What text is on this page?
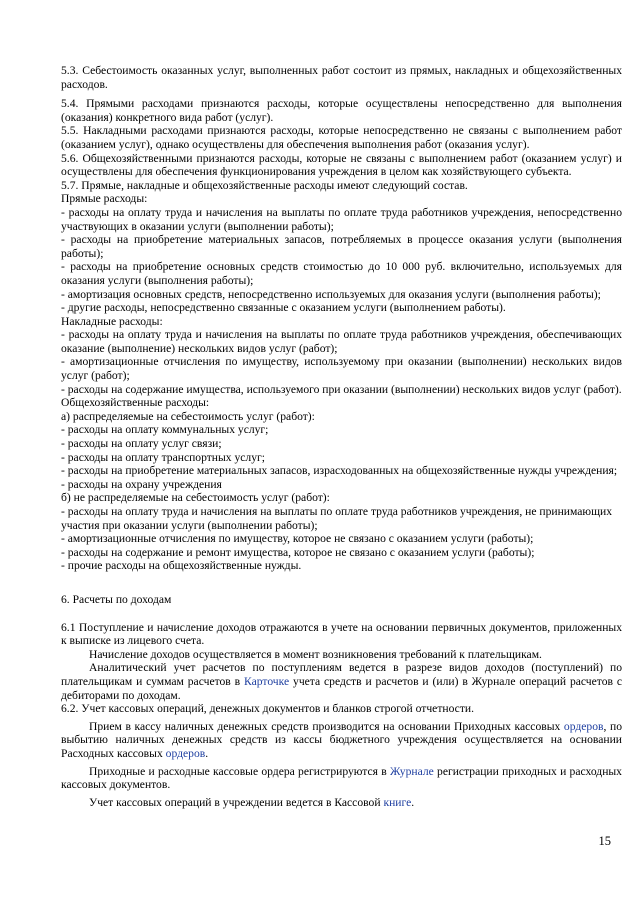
5.3. Себестоимость оказанных услуг, выполненных работ состоит из прямых, накладных и общехозяйственных расходов.

5.4. Прямыми расходами признаются расходы, которые осуществлены непосредственно для выполнения (оказания) конкретного вида работ (услуг).

5.5. Накладными расходами признаются расходы, которые непосредственно не связаны с выполнением работ (оказанием услуг), однако осуществлены для обеспечения выполнения работ (оказания услуг).

5.6. Общехозяйственными признаются расходы, которые не связаны с выполнением работ (оказанием услуг) и осуществлены для обеспечения функционирования учреждения в целом как хозяйствующего субъекта.

5.7. Прямые, накладные и общехозяйственные расходы имеют следующий состав.

Прямые расходы:

- расходы на оплату труда и начисления на выплаты по оплате труда работников учреждения, непосредственно участвующих в оказании услуги (выполнении работы);

- расходы на приобретение материальных запасов, потребляемых в процессе оказания услуги (выполнения работы);

- расходы на приобретение основных средств стоимостью до 10 000 руб. включительно, используемых для оказания услуги (выполнения работы);

- амортизация основных средств, непосредственно используемых для оказания услуги (выполнения работы);

- другие расходы, непосредственно связанные с оказанием услуги (выполнением работы).

Накладные расходы:

- расходы на оплату труда и начисления на выплаты по оплате труда работников учреждения, обеспечивающих оказание (выполнение) нескольких видов услуг (работ);

- амортизационные отчисления по имуществу, используемому при оказании (выполнении) нескольких видов услуг (работ);

- расходы на содержание имущества, используемого при оказании (выполнении) нескольких видов услуг (работ).

Общехозяйственные расходы:

а) распределяемые на себестоимость услуг (работ):

- расходы на оплату коммунальных услуг;

- расходы на оплату услуг связи;

- расходы на оплату транспортных услуг;

- расходы на приобретение материальных запасов, израсходованных на общехозяйственные нужды учреждения;

- расходы на охрану учреждения

б) не распределяемые на себестоимость услуг (работ):

- расходы на оплату труда и начисления на выплаты по оплате труда работников учреждения, не принимающих участия при оказании услуги (выполнении работы);

- амортизационные отчисления по имуществу, которое не связано с оказанием услуги (работы);

- расходы на содержание и ремонт имущества, которое не связано с оказанием услуги (работы);

- прочие расходы на общехозяйственные нужды.

6. Расчеты по доходам

6.1 Поступление и начисление доходов отражаются в учете на основании первичных документов, приложенных к выписке из лицевого счета.

Начисление доходов осуществляется в момент возникновения требований к плательщикам.

Аналитический учет расчетов по поступлениям ведется в разрезе видов доходов (поступлений) по плательщикам и суммам расчетов в Карточке учета средств и расчетов и (или) в Журнале операций расчетов с дебиторами по доходам.

6.2. Учет кассовых операций, денежных документов и бланков строгой отчетности.

Прием в кассу наличных денежных средств производится на основании Приходных кассовых ордеров, по выбытию наличных денежных средств из кассы бюджетного учреждения осуществляется на основании Расходных кассовых ордеров.

Приходные и расходные кассовые ордера регистрируются в Журнале регистрации приходных и расходных кассовых документов.

Учет кассовых операций в учреждении ведется в Кассовой книге.

15
